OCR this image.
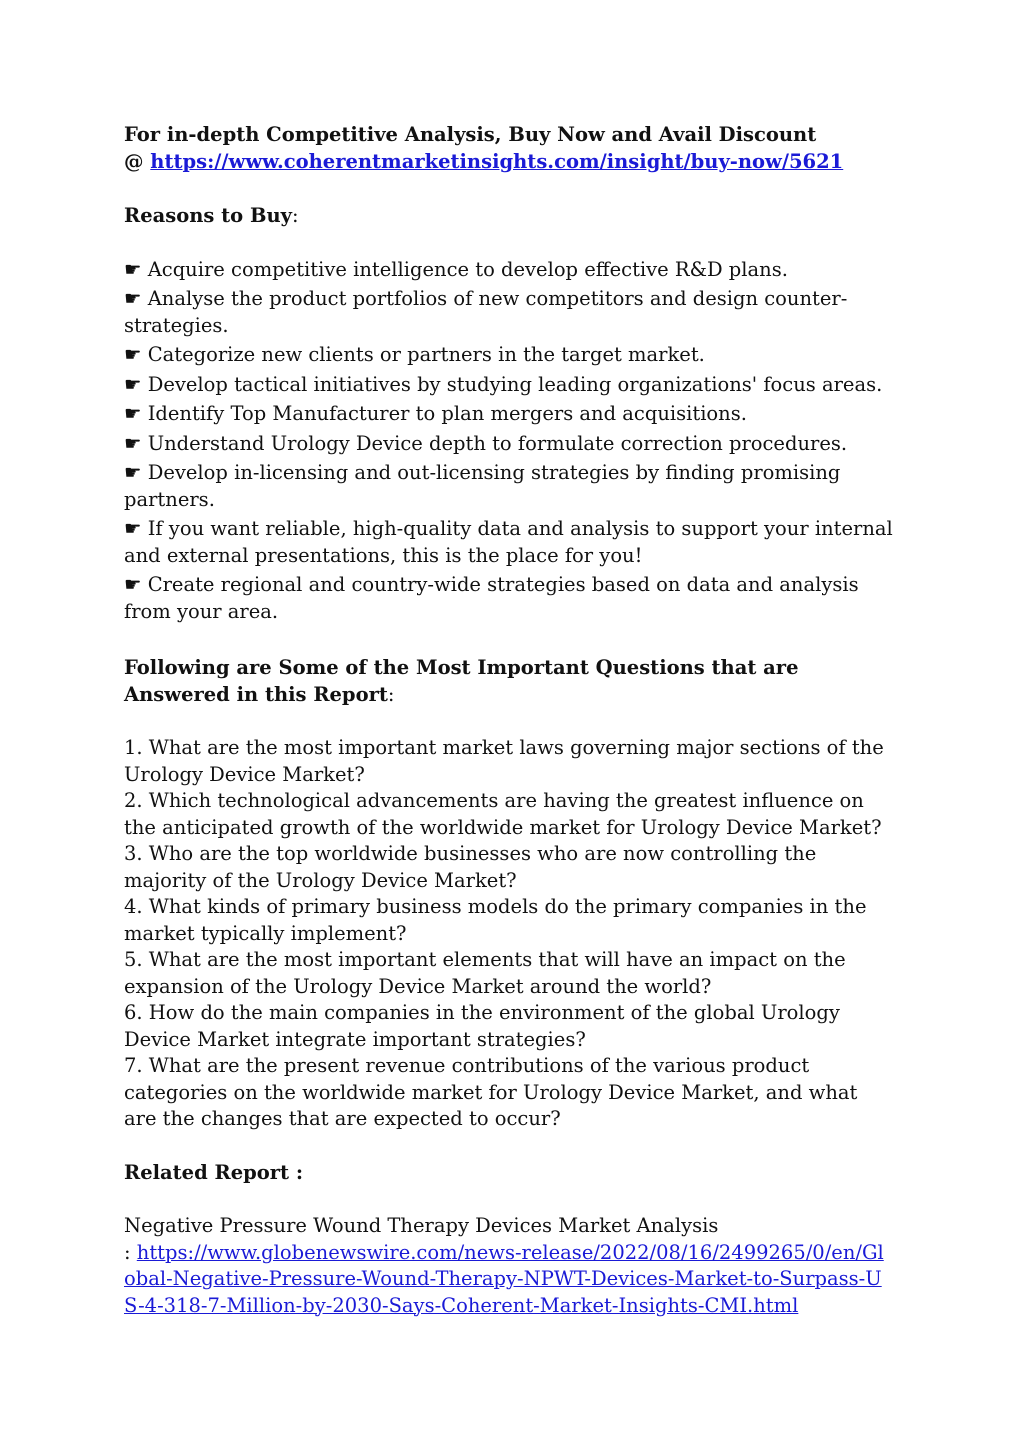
For in-depth Competitive Analysis, Buy Now and Avail Discount
@ https://www.coherentmarketinsights.com/insight/buy-now/5621

Reasons to Buy:

☛ Acquire competitive intelligence to develop effective R&D plans.

☛ Analyse the product portfolios of new competitors and design counter-strategies.

☛ Categorize new clients or partners in the target market.

☛ Develop tactical initiatives by studying leading organizations' focus areas.

☛ Identify Top Manufacturer to plan mergers and acquisitions.

☛ Understand Urology Device depth to formulate correction procedures.

☛ Develop in-licensing and out-licensing strategies by finding promising partners.

☛ If you want reliable, high-quality data and analysis to support your internal and external presentations, this is the place for you!

☛ Create regional and country-wide strategies based on data and analysis from your area.

Following are Some of the Most Important Questions that are Answered in this Report:

1. What are the most important market laws governing major sections of the Urology Device Market?

2. Which technological advancements are having the greatest influence on the anticipated growth of the worldwide market for Urology Device Market?

3. Who are the top worldwide businesses who are now controlling the majority of the Urology Device Market?

4. What kinds of primary business models do the primary companies in the market typically implement?

5. What are the most important elements that will have an impact on the expansion of the Urology Device Market around the world?

6. How do the main companies in the environment of the global Urology Device Market integrate important strategies?

7. What are the present revenue contributions of the various product categories on the worldwide market for Urology Device Market, and what are the changes that are expected to occur?

Related Report :

Negative Pressure Wound Therapy Devices Market Analysis
: https://www.globenewswire.com/news-release/2022/08/16/2499265/0/en/Global-Negative-Pressure-Wound-Therapy-NPWT-Devices-Market-to-Surpass-US-4-318-7-Million-by-2030-Says-Coherent-Market-Insights-CMI.html
